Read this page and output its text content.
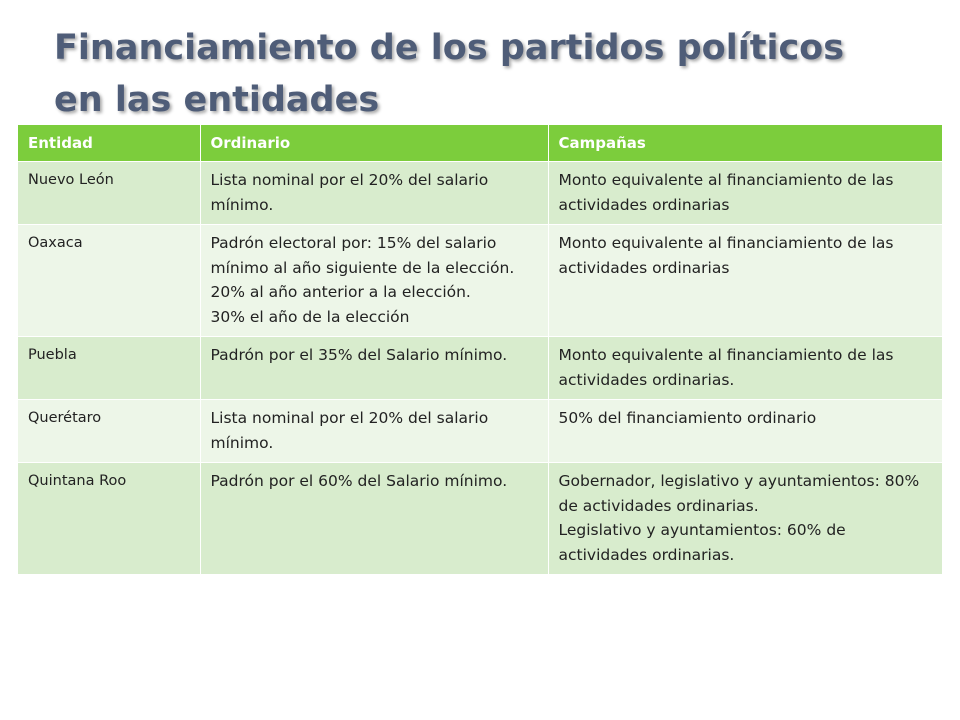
Financiamiento de los partidos políticos
en las entidades
Entidad	Ordinario	Campañas
Nuevo León	Lista nominal por el 20% del salario mínimo.	Monto equivalente al financiamiento de las actividades ordinarias

Oaxaca	Padrón electoral por: 15% del salario mínimo al año siguiente de la elección.
20% al año anterior a la elección.
30% el año de la elección	Monto equivalente al financiamiento de las actividades ordinarias

Puebla	Padrón por el 35% del Salario mínimo.	Monto equivalente al financiamiento de las actividades ordinarias.

Querétaro	Lista nominal por el 20% del salario mínimo.	50% del financiamiento ordinario

Quintana Roo	Padrón por el 60% del Salario mínimo.	Gobernador, legislativo y ayuntamientos: 80% de actividades ordinarias.
Legislativo y ayuntamientos: 60% de actividades ordinarias.
